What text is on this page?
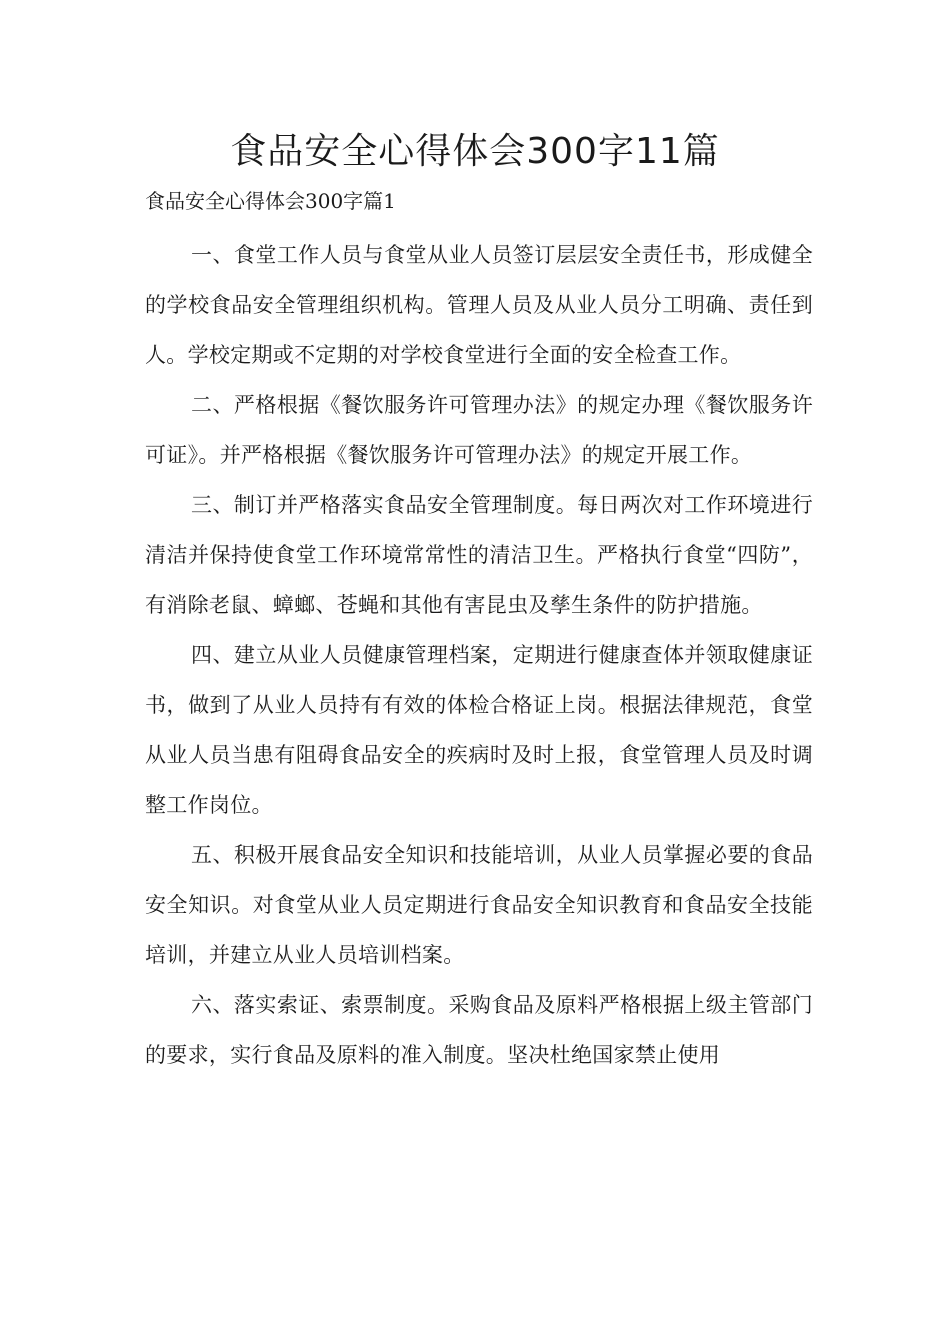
食品安全心得体会300字11篇

食品安全心得体会300字篇1

一、食堂工作人员与食堂从业人员签订层层安全责任书，形成健全的学校食品安全管理组织机构。管理人员及从业人员分工明确、责任到人。学校定期或不定期的对学校食堂进行全面的安全检查工作。

二、严格根据《餐饮服务许可管理办法》的规定办理《餐饮服务许可证》。并严格根据《餐饮服务许可管理办法》的规定开展工作。

三、制订并严格落实食品安全管理制度。每日两次对工作环境进行清洁并保持使食堂工作环境常常性的清洁卫生。严格执行食堂“四防”，有消除老鼠、蟑螂、苍蝇和其他有害昆虫及孳生条件的防护措施。

四、建立从业人员健康管理档案，定期进行健康查体并领取健康证书，做到了从业人员持有有效的体检合格证上岗。根据法律规范，食堂从业人员当患有阻碍食品安全的疾病时及时上报，食堂管理人员及时调整工作岗位。

五、积极开展食品安全知识和技能培训，从业人员掌握必要的食品安全知识。对食堂从业人员定期进行食品安全知识教育和食品安全技能培训，并建立从业人员培训档案。

六、落实索证、索票制度。采购食品及原料严格根据上级主管部门的要求，实行食品及原料的准入制度。坚决杜绝国家禁止使用
